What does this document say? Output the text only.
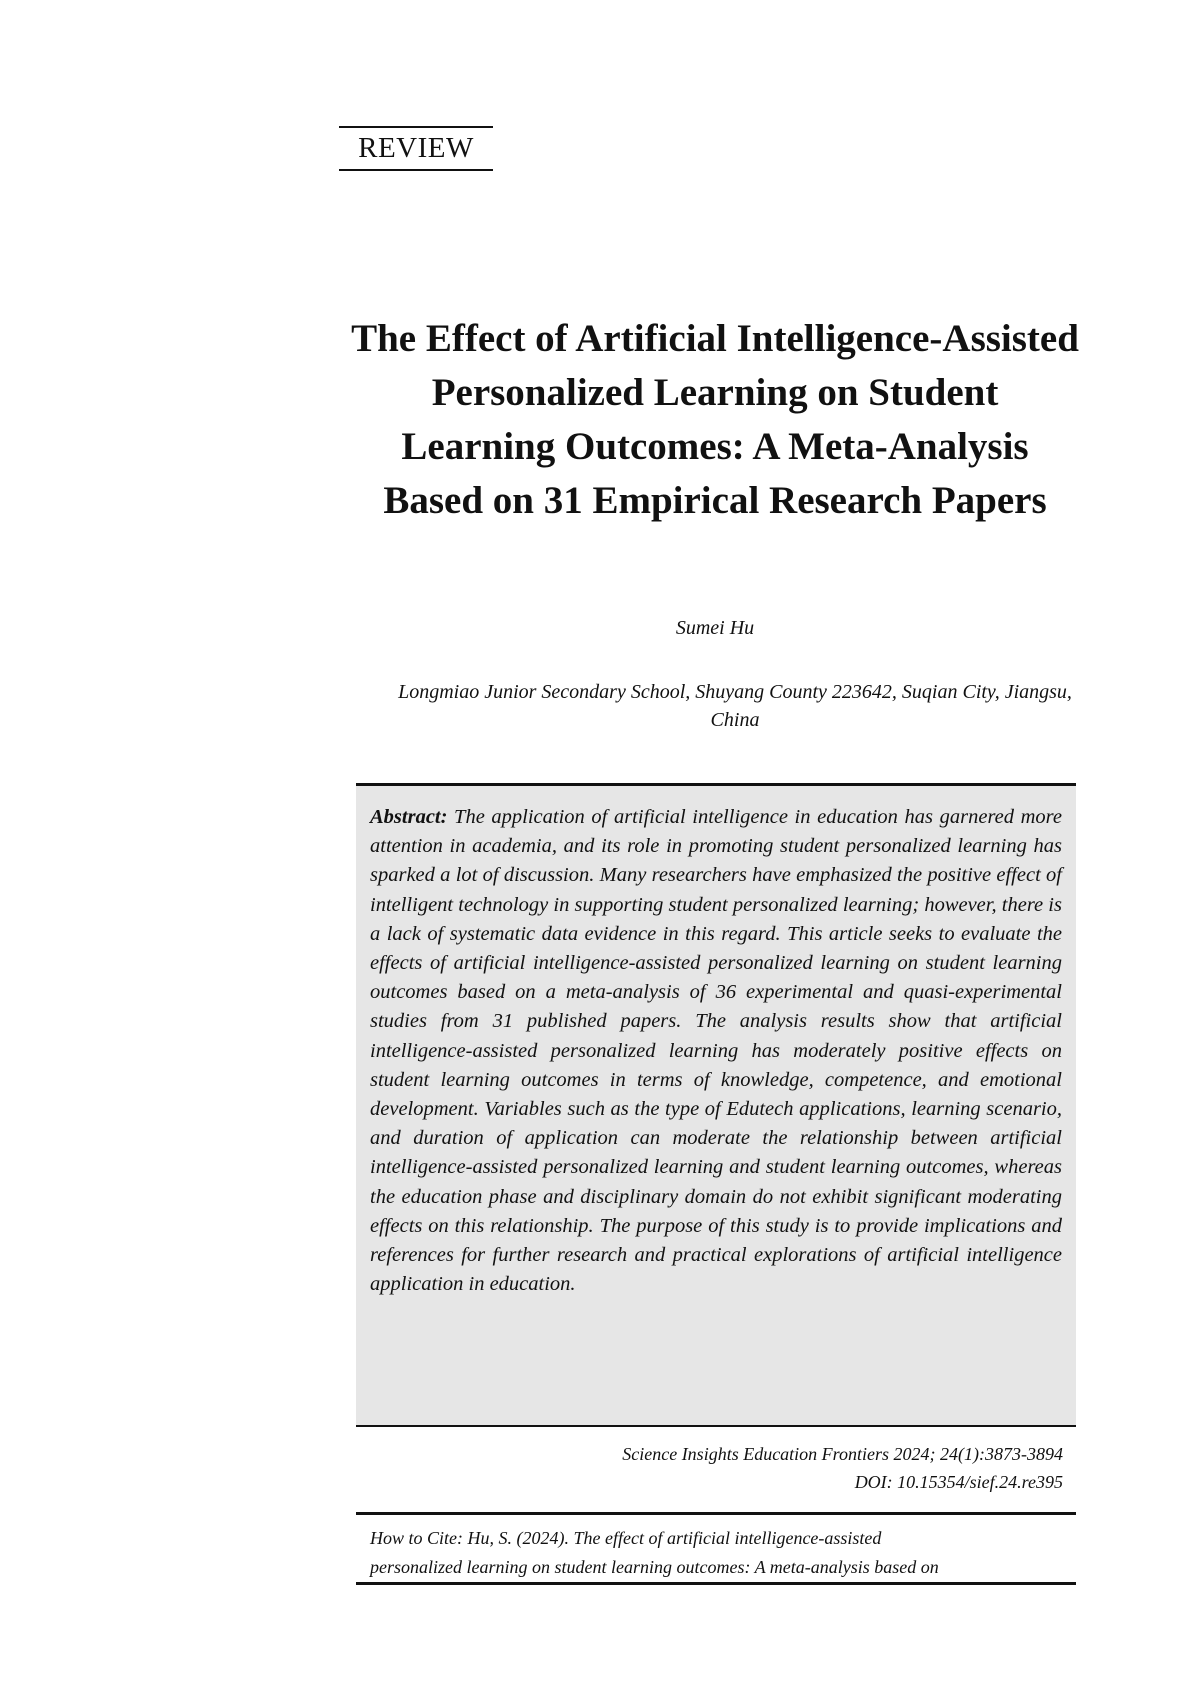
REVIEW
The Effect of Artificial Intelligence-Assisted Personalized Learning on Student Learning Outcomes: A Meta-Analysis Based on 31 Empirical Research Papers
Sumei Hu
Longmiao Junior Secondary School, Shuyang County 223642, Suqian City, Jiangsu, China

Abstract: The application of artificial intelligence in education has garnered more attention in academia, and its role in promoting student personalized learning has sparked a lot of discussion. Many researchers have emphasized the positive effect of intelligent technology in supporting student personalized learning; however, there is a lack of systematic data evidence in this regard. This article seeks to evaluate the effects of artificial intelligence-assisted personalized learning on student learning outcomes based on a meta-analysis of 36 experimental and quasi-experimental studies from 31 published papers. The analysis results show that artificial intelligence-assisted personalized learning has moderately positive effects on student learning outcomes in terms of knowledge, competence, and emotional development. Variables such as the type of Edutech applications, learning scenario, and duration of application can moderate the relationship between artificial intelligence-assisted personalized learning and student learning outcomes, whereas the education phase and disciplinary domain do not exhibit significant moderating effects on this relationship. The purpose of this study is to provide implications and references for further research and practical explorations of artificial intelligence application in education.

Science Insights Education Frontiers 2024; 24(1):3873-3894
DOI: 10.15354/sief.24.re395
How to Cite: Hu, S. (2024). The effect of artificial intelligence-assisted
personalized learning on student learning outcomes: A meta-analysis based on
